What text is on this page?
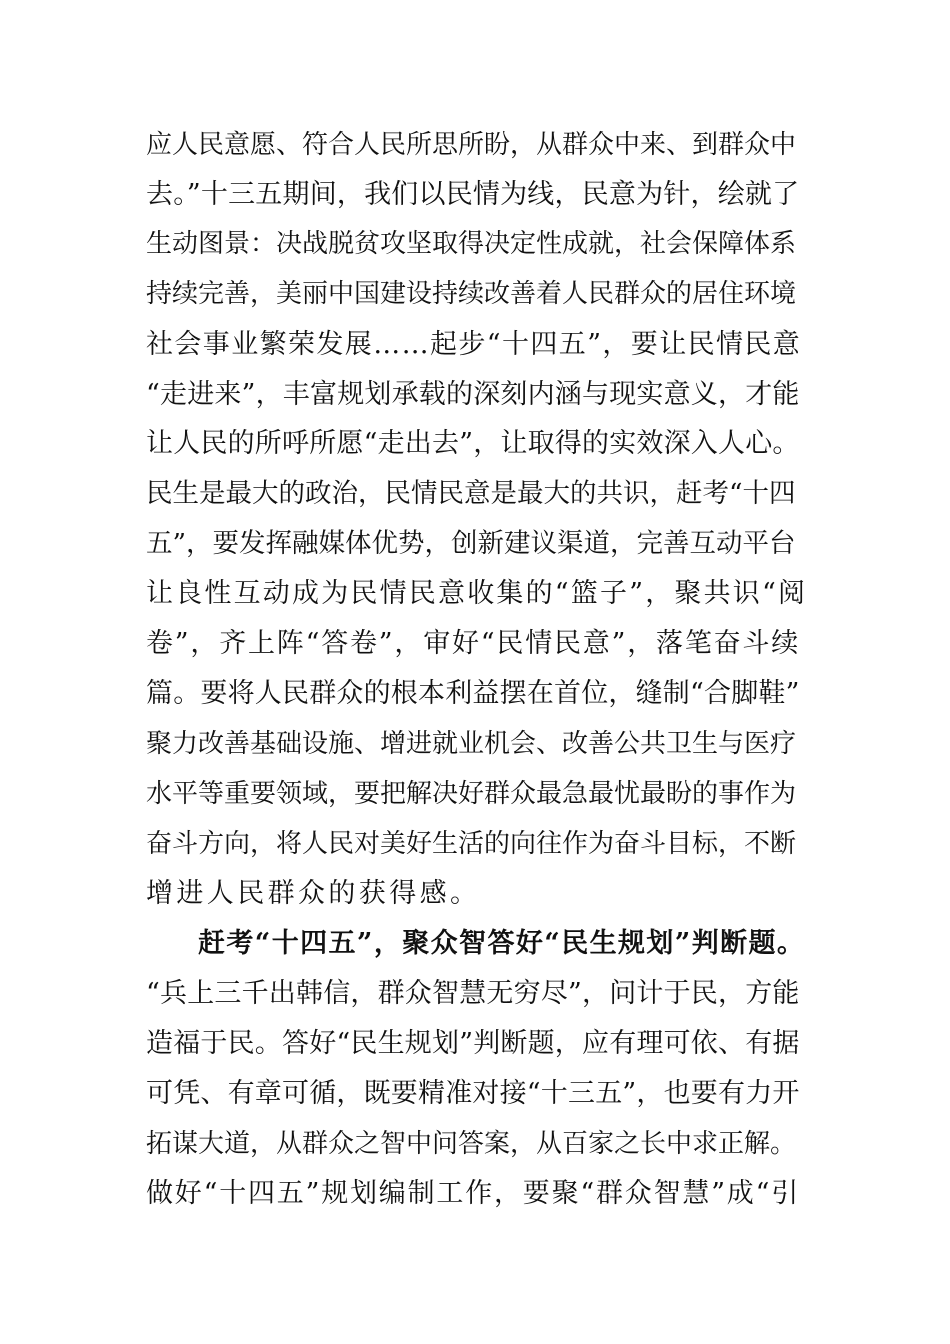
应人民意愿、符合人民所思所盼，从群众中来、到群众中
去。”十三五期间，我们以民情为线，民意为针，绘就了
生动图景：决战脱贫攻坚取得决定性成就，社会保障体系
持续完善，美丽中国建设持续改善着人民群众的居住环境
社会事业繁荣发展……起步“十四五”，要让民情民意
“走进来”，丰富规划承载的深刻内涵与现实意义，才能
让人民的所呼所愿“走出去”，让取得的实效深入人心。
民生是最大的政治，民情民意是最大的共识，赶考“十四
五”，要发挥融媒体优势，创新建议渠道，完善互动平台
让良性互动成为民情民意收集的“篮子”，聚共识“阅
卷”，齐上阵“答卷”，审好“民情民意”，落笔奋斗续
篇。要将人民群众的根本利益摆在首位，缝制“合脚鞋”
聚力改善基础设施、增进就业机会、改善公共卫生与医疗
水平等重要领域，要把解决好群众最急最忧最盼的事作为
奋斗方向，将人民对美好生活的向往作为奋斗目标，不断
增进人民群众的获得感。
赶考“十四五”，聚众智答好“民生规划”判断题。
“兵上三千出韩信，群众智慧无穷尽”，问计于民，方能
造福于民。答好“民生规划”判断题，应有理可依、有据
可凭、有章可循，既要精准对接“十三五”，也要有力开
拓谋大道，从群众之智中问答案，从百家之长中求正解。
做好“十四五”规划编制工作，要聚“群众智慧”成“引
